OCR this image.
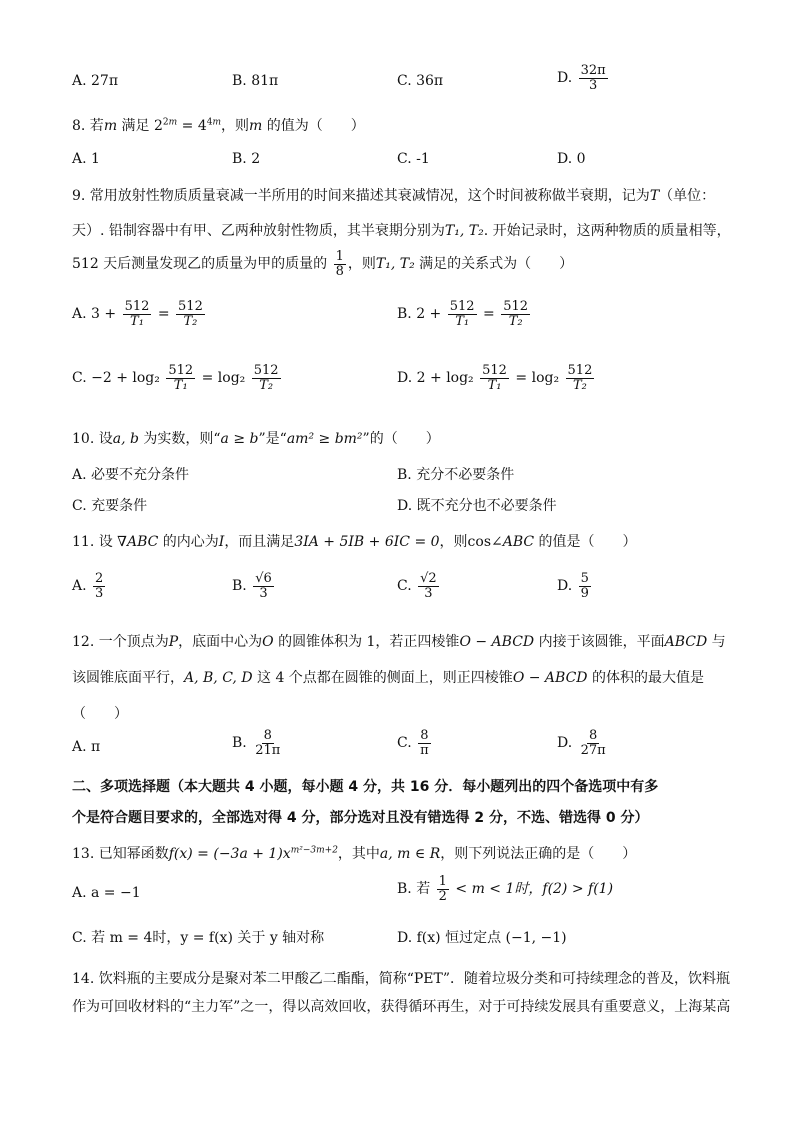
A. 27π	B. 81π	C. 36π	D. $\frac{32\pi}{3}$
8. 若m 满足 $2^{2m} = 4^{4m}$，则m 的值为（　　）
A. 1	B. 2	C. -1	D. 0
9. 常用放射性物质质量衰减一半所用的时间来描述其衰减情况，这个时间被称做半衰期，记为T（单位：
天）. 铅制容器中有甲、乙两种放射性物质，其半衰期分别为T₁, T₂. 开始记录时，这两种物质的质量相等，
512 天后测量发现乙的质量为甲的质量的 $\frac{1}{8}$ ，则T₁, T₂ 满足的关系式为（　　）
A. $3 + \frac{512}{\text{T₁}} = \frac{512}{\text{T₂}}$	B. $2 + \frac{512}{\text{T₁}} = \frac{512}{\text{T₂}}$
C. $-2 + \log_2 \frac{512}{\text{T₁}} = \log_2 \frac{512}{\text{T₂}}$	D. $2 + \log_2 \frac{512}{\text{T₁}} = \log_2 \frac{512}{\text{T₂}}$
10. 设a, b 为实数，则“a ≥ b”是“am² ≥ bm²”的（　　）
A. 必要不充分条件	B. 充分不必要条件
C. 充要条件	D. 既不充分也不必要条件
11. 设 ∇ABC 的内心为I，而且满足3IA + 5IB + 6IC = 0，则cos∠ABC 的值是（　　）
A. $\frac{2}{3}$	B. $\frac{√6}{3}$	C. $\frac{√2}{3}$	D. $\frac{5}{9}$
12. 一个顶点为P，底面中心为O 的圆锥体积为 1，若正四棱锥O − ABCD 内接于该圆锥，平面ABCD 与
该圆锥底面平行，A, B, C, D 这 4 个点都在圆锥的侧面上，则正四棱锥O − ABCD 的体积的最大值是
（　　）
A. π	B. $\frac{8}{21\pi}$	C. $\frac{8}{\pi}$	D. $\frac{8}{27\pi}$
二、多项选择题（本大题共 4 小题，每小题 4 分，共 16 分．每小题列出的四个备选项中有多
个是符合题目要求的，全部选对得 4 分，部分选对且没有错选得 2 分，不选、错选得 0 分）
13. 已知幂函数$f(x) = (-3a + 1)x^{m^2-3m+2}$，其中a, m ∈ R，则下列说法正确的是（　　）
A. a = −1	B. 若 $\frac{1}{2} < m < 1$时，f(2) > f(1)
C. 若 m = 4时，y = f(x) 关于 y 轴对称	D. f(x) 恒过定点 (−1, −1)
14. 饮料瓶的主要成分是聚对苯二甲酸乙二酯酯，简称“PET”．随着垃圾分类和可持续理念的普及，饮料瓶
作为可回收材料的“主力军”之一，得以高效回收，获得循环再生，对于可持续发展具有重要意义，上海某高
